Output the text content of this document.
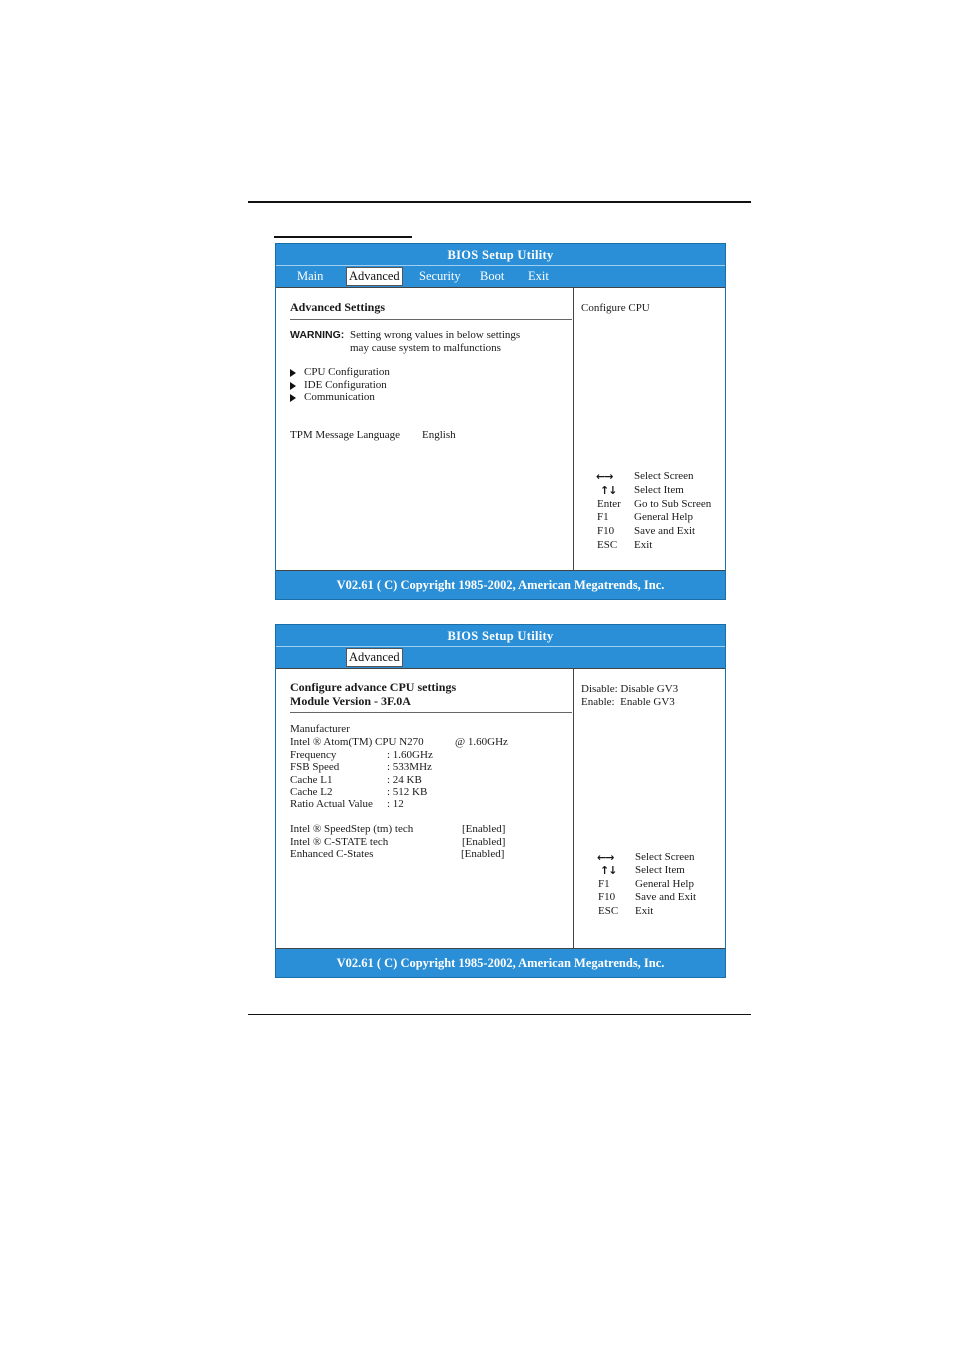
BIOS Setup Utility
Main Advanced Security Boot Exit
Advanced Settings
WARNING: Setting wrong values in below settings
may cause system to malfunctions
CPU Configuration
IDE Configuration
Communication
TPM Message Language English
Configure CPU
←→ Select Screen
↑↓ Select Item
Enter Go to Sub Screen
F1 General Help
F10 Save and Exit
ESC Exit
V02.61 ( C) Copyright 1985-2002, American Megatrends, Inc.
BIOS Setup Utility
Advanced
Configure advance CPU settings
Module Version - 3F.0A
Manufacturer
Intel ® Atom(TM) CPU N270	@ 1.60GHz
Frequency	: 1.60GHz
FSB Speed	: 533MHz
Cache L1	: 24 KB
Cache L2	: 512 KB
Ratio Actual Value : 12
Intel ® SpeedStep (tm) tech	[Enabled]
Intel ® C-STATE tech	[Enabled]
Enhanced C-States	[Enabled]
Disable: Disable GV3
Enable:  Enable GV3
←→ Select Screen
↑↓ Select Item
F1 General Help
F10 Save and Exit
ESC Exit
V02.61 ( C) Copyright 1985-2002, American Megatrends, Inc.
